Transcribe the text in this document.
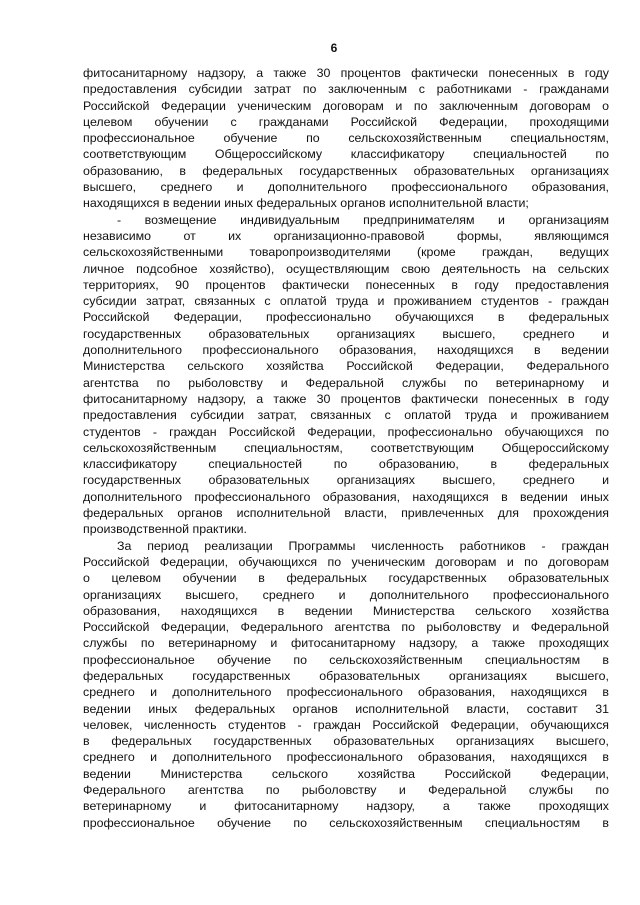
6
фитосанитарному надзору, а также 30 процентов фактически понесенных в году
предоставления субсидии затрат по заключенным с работниками - гражданами
Российской Федерации ученическим договорам и по заключенным договорам о
целевом обучении с гражданами Российской Федерации, проходящими
профессиональное обучение по сельскохозяйственным специальностям,
соответствующим Общероссийскому классификатору специальностей по
образованию, в федеральных государственных образовательных организациях
высшего, среднего и дополнительного профессионального образования,
находящихся в ведении иных федеральных органов исполнительной власти;
- возмещение индивидуальным предпринимателям и организациям
независимо от их организационно-правовой формы, являющимся
сельскохозяйственными товаропроизводителями (кроме граждан, ведущих
личное подсобное хозяйство), осуществляющим свою деятельность на сельских
территориях, 90 процентов фактически понесенных в году предоставления
субсидии затрат, связанных с оплатой труда и проживанием студентов - граждан
Российской Федерации, профессионально обучающихся в федеральных
государственных образовательных организациях высшего, среднего и
дополнительного профессионального образования, находящихся в ведении
Министерства сельского хозяйства Российской Федерации, Федерального
агентства по рыболовству и Федеральной службы по ветеринарному и
фитосанитарному надзору, а также 30 процентов фактически понесенных в году
предоставления субсидии затрат, связанных с оплатой труда и проживанием
студентов - граждан Российской Федерации, профессионально обучающихся по
сельскохозяйственным специальностям, соответствующим Общероссийскому
классификатору специальностей по образованию, в федеральных
государственных образовательных организациях высшего, среднего и
дополнительного профессионального образования, находящихся в ведении иных
федеральных органов исполнительной власти, привлеченных для прохождения
производственной практики.
За период реализации Программы численность работников - граждан
Российской Федерации, обучающихся по ученическим договорам и по договорам
о целевом обучении в федеральных государственных образовательных
организациях высшего, среднего и дополнительного профессионального
образования, находящихся в ведении Министерства сельского хозяйства
Российской Федерации, Федерального агентства по рыболовству и Федеральной
службы по ветеринарному и фитосанитарному надзору, а также проходящих
профессиональное обучение по сельскохозяйственным специальностям в
федеральных государственных образовательных организациях высшего,
среднего и дополнительного профессионального образования, находящихся в
ведении иных федеральных органов исполнительной власти, составит 31
человек, численность студентов - граждан Российской Федерации, обучающихся
в федеральных государственных образовательных организациях высшего,
среднего и дополнительного профессионального образования, находящихся в
ведении Министерства сельского хозяйства Российской Федерации,
Федерального агентства по рыболовству и Федеральной службы по
ветеринарному и фитосанитарному надзору, а также проходящих
профессиональное обучение по сельскохозяйственным специальностям в
